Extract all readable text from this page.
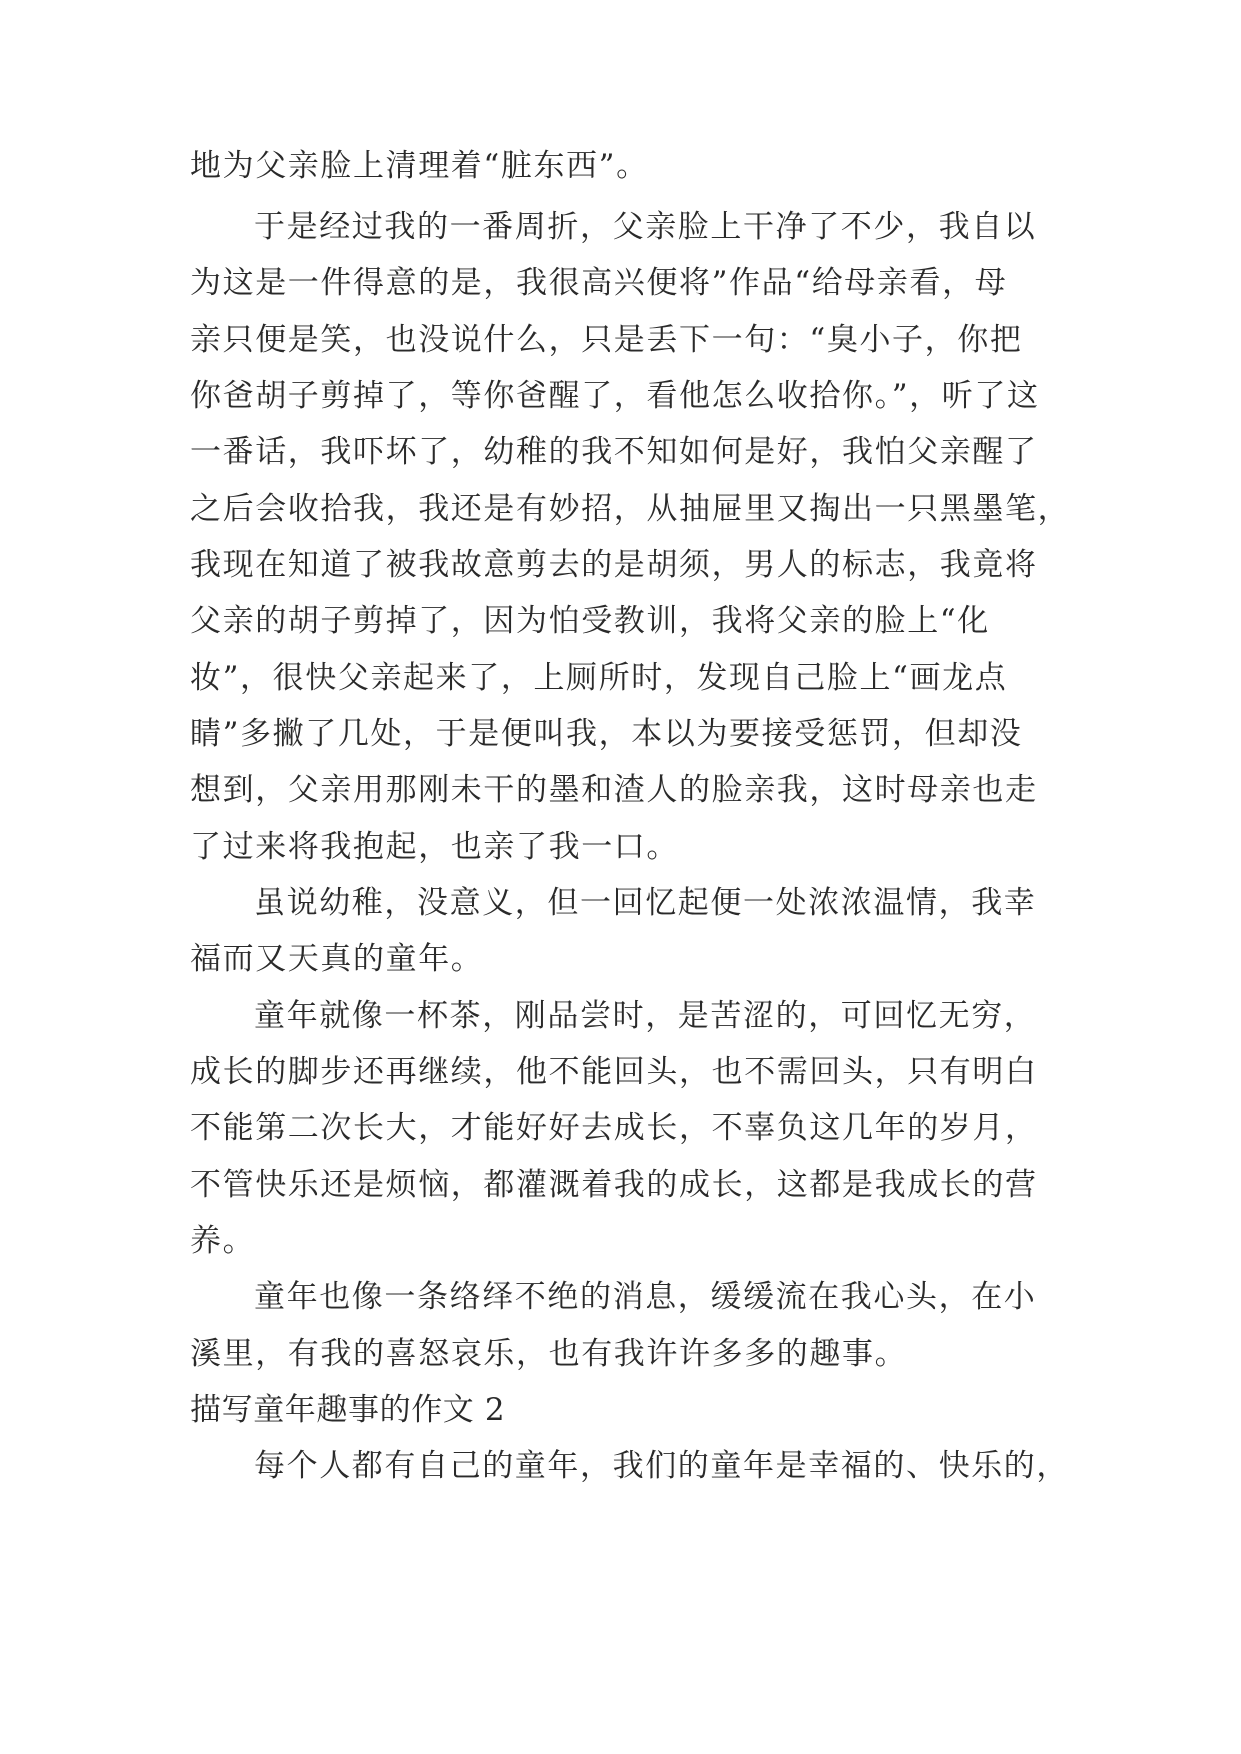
地为父亲脸上清理着“脏东西”。
于是经过我的一番周折，父亲脸上干净了不少，我自以
为这是一件得意的是，我很高兴便将”作品“给母亲看，母
亲只便是笑，也没说什么，只是丢下一句：“臭小子，你把
你爸胡子剪掉了，等你爸醒了，看他怎么收拾你。”，听了这
一番话，我吓坏了，幼稚的我不知如何是好，我怕父亲醒了
之后会收拾我，我还是有妙招，从抽屉里又掏出一只黑墨笔，
我现在知道了被我故意剪去的是胡须，男人的标志，我竟将
父亲的胡子剪掉了，因为怕受教训，我将父亲的脸上“化
妆”，很快父亲起来了，上厕所时，发现自己脸上“画龙点
睛”多撇了几处，于是便叫我，本以为要接受惩罚，但却没
想到，父亲用那刚未干的墨和渣人的脸亲我，这时母亲也走
了过来将我抱起，也亲了我一口。
虽说幼稚，没意义，但一回忆起便一处浓浓温情，我幸
福而又天真的童年。
童年就像一杯茶，刚品尝时，是苦涩的，可回忆无穷，
成长的脚步还再继续，他不能回头，也不需回头，只有明白
不能第二次长大，才能好好去成长，不辜负这几年的岁月，
不管快乐还是烦恼，都灌溉着我的成长，这都是我成长的营
养。
童年也像一条络绎不绝的消息，缓缓流在我心头，在小
溪里，有我的喜怒哀乐，也有我许许多多的趣事。
描写童年趣事的作文 2
每个人都有自己的童年，我们的童年是幸福的、快乐的，
